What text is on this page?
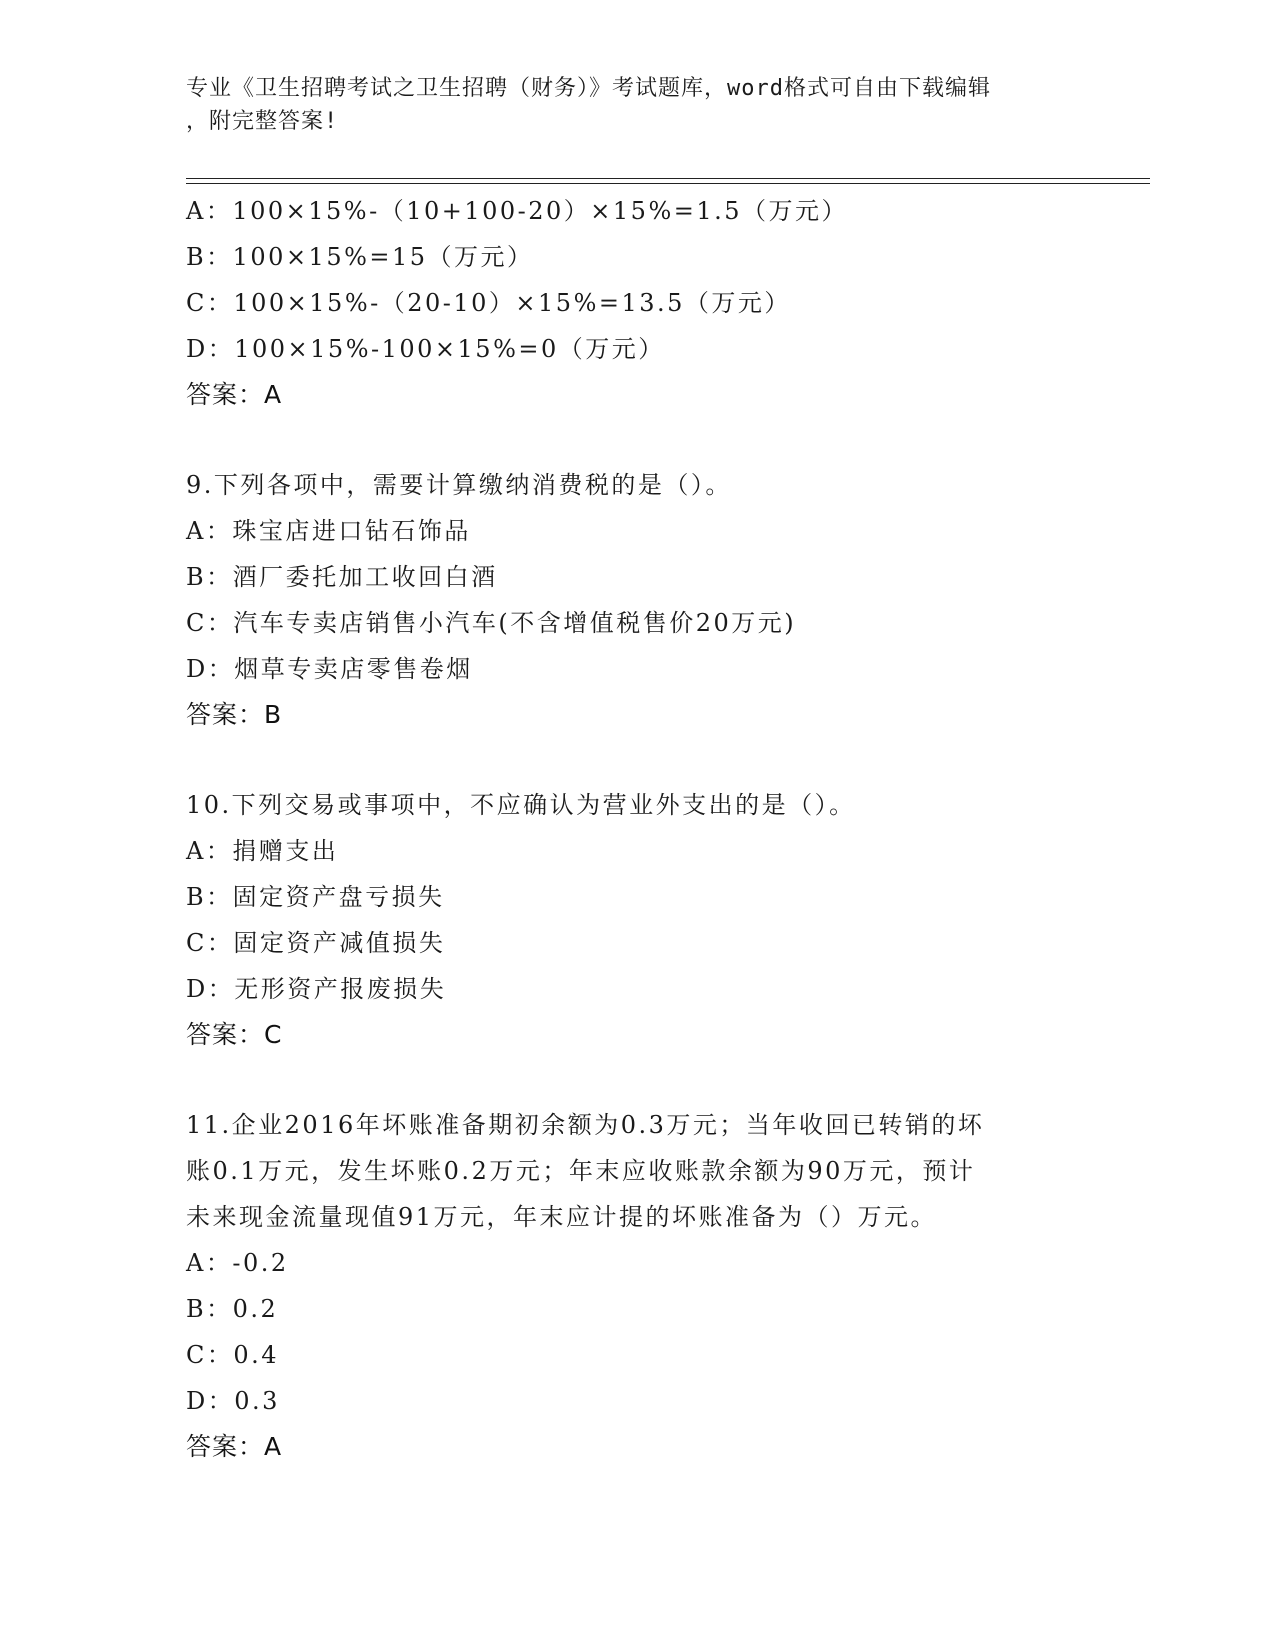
专业《卫生招聘考试之卫生招聘（财务）》考试题库，word格式可自由下载编辑
，附完整答案!
A：100×15%-（10+100-20）×15%=1.5（万元）
B：100×15%=15（万元）
C：100×15%-（20-10）×15%=13.5（万元）
D：100×15%-100×15%=0（万元）
答案：A
9.下列各项中，需要计算缴纳消费税的是（）。
A：珠宝店进口钻石饰品
B：酒厂委托加工收回白酒
C：汽车专卖店销售小汽车(不含增值税售价20万元)
D：烟草专卖店零售卷烟
答案：B
10.下列交易或事项中，不应确认为营业外支出的是（）。
A：捐赠支出
B：固定资产盘亏损失
C：固定资产减值损失
D：无形资产报废损失
答案：C
11.企业2016年坏账准备期初余额为0.3万元；当年收回已转销的坏
账0.1万元，发生坏账0.2万元；年末应收账款余额为90万元，预计
未来现金流量现值91万元，年末应计提的坏账准备为（）万元。
A：-0.2
B：0.2
C：0.4
D：0.3
答案：A
